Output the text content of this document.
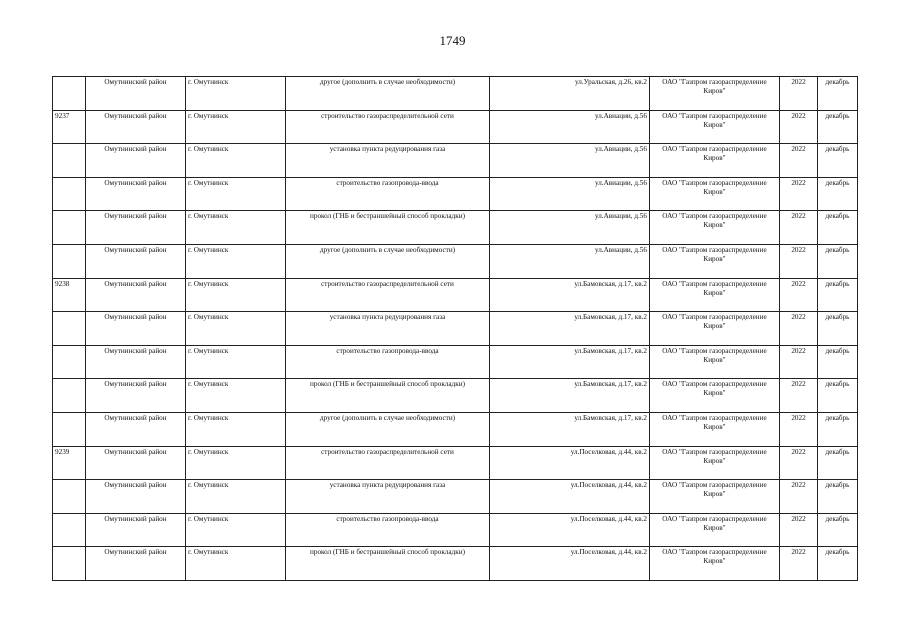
1749
	Омутнинский район	г. Омутнинск	другое (дополнить в случае необходимости)	ул.Уральская, д.26, кв.2	ОАО "Газпром газораспределение Киров"	2022	декабрь
9237	Омутнинский район	г. Омутнинск	строительство газораспределительной сети	ул.Авиации, д.56	ОАО "Газпром газораспределение Киров"	2022	декабрь
	Омутнинский район	г. Омутнинск	установка пункта редуцирования газа	ул.Авиации, д.56	ОАО "Газпром газораспределение Киров"	2022	декабрь
	Омутнинский район	г. Омутнинск	строительство газопровода-ввода	ул.Авиации, д.56	ОАО "Газпром газораспределение Киров"	2022	декабрь
	Омутнинский район	г. Омутнинск	прокол (ГНБ и бестраншейный способ прокладки)	ул.Авиации, д.56	ОАО "Газпром газораспределение Киров"	2022	декабрь
	Омутнинский район	г. Омутнинск	другое (дополнить в случае необходимости)	ул.Авиации, д.56	ОАО "Газпром газораспределение Киров"	2022	декабрь
9238	Омутнинский район	г. Омутнинск	строительство газораспределительной сети	ул.Бамовская, д.17, кв.2	ОАО "Газпром газораспределение Киров"	2022	декабрь
	Омутнинский район	г. Омутнинск	установка пункта редуцирования газа	ул.Бамовская, д.17, кв.2	ОАО "Газпром газораспределение Киров"	2022	декабрь
	Омутнинский район	г. Омутнинск	строительство газопровода-ввода	ул.Бамовская, д.17, кв.2	ОАО "Газпром газораспределение Киров"	2022	декабрь
	Омутнинский район	г. Омутнинск	прокол (ГНБ и бестраншейный способ прокладки)	ул.Бамовская, д.17, кв.2	ОАО "Газпром газораспределение Киров"	2022	декабрь
	Омутнинский район	г. Омутнинск	другое (дополнить в случае необходимости)	ул.Бамовская, д.17, кв.2	ОАО "Газпром газораспределение Киров"	2022	декабрь
9239	Омутнинский район	г. Омутнинск	строительство газораспределительной сети	ул.Поселковая, д.44, кв.2	ОАО "Газпром газораспределение Киров"	2022	декабрь
	Омутнинский район	г. Омутнинск	установка пункта редуцирования газа	ул.Поселковая, д.44, кв.2	ОАО "Газпром газораспределение Киров"	2022	декабрь
	Омутнинский район	г. Омутнинск	строительство газопровода-ввода	ул.Поселковая, д.44, кв.2	ОАО "Газпром газораспределение Киров"	2022	декабрь
	Омутнинский район	г. Омутнинск	прокол (ГНБ и бестраншейный способ прокладки)	ул.Поселковая, д.44, кв.2	ОАО "Газпром газораспределение Киров"	2022	декабрь
